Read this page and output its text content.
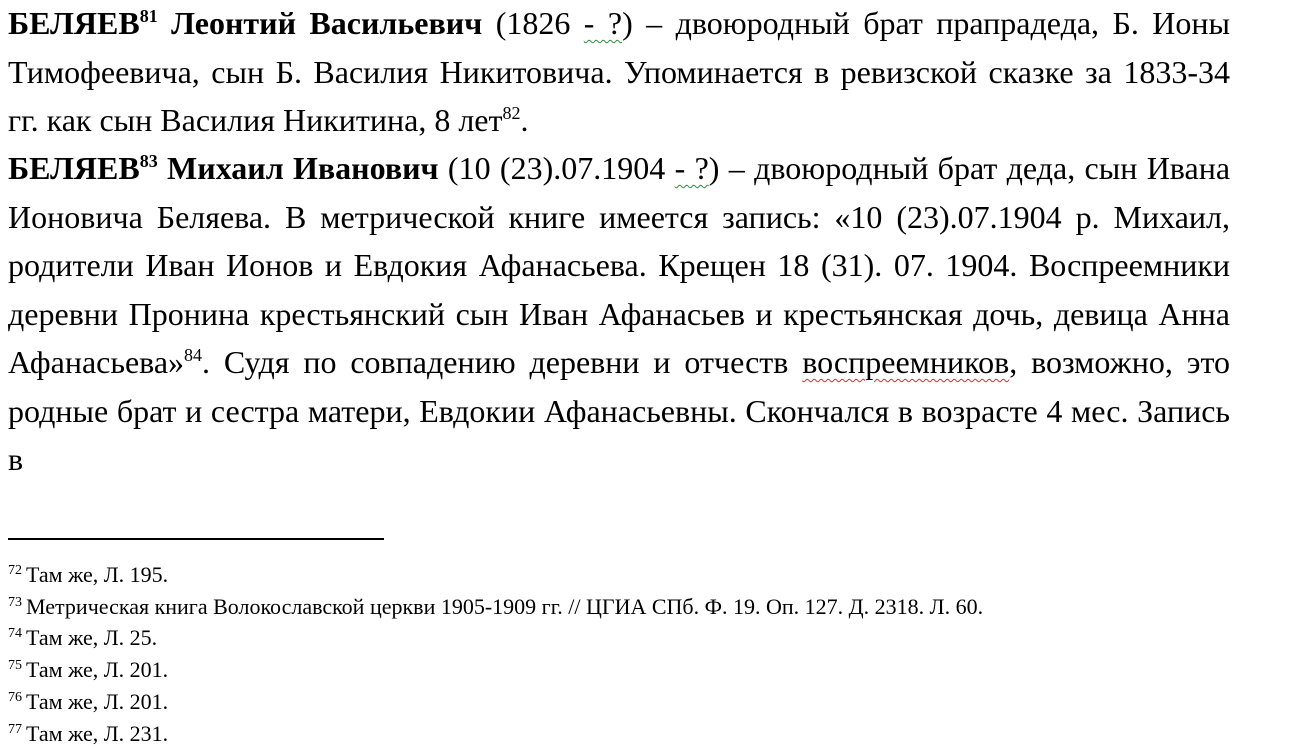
БЕЛЯЕВ$^{81}$ Леонтий Васильевич (1826 - ?) – двоюродный брат прапрадеда, Б. Ионы Тимофеевича, сын Б. Василия Никитовича. Упоминается в ревизской сказке за 1833-34 гг. как сын Василия Никитина, 8 лет$^{82}$.

БЕЛЯЕВ$^{83}$ Михаил Иванович (10 (23).07.1904 - ?) – двоюродный брат деда, сын Ивана Ионовича Беляева. В метрической книге имеется запись: «10 (23).07.1904 р. Михаил, родители Иван Ионов и Евдокия Афанасьева. Крещен 18 (31). 07. 1904. Воспреемники деревни Пронина крестьянский сын Иван Афанасьев и крестьянская дочь, девица Анна Афанасьева»$^{84}$. Судя по совпадению деревни и отчеств воспреемников, возможно, это родные брат и сестра матери, Евдокии Афанасьевны. Скончался в возрасте 4 мес. Запись в

$^{72}$ Там же, Л. 195.

$^{73}$ Метрическая книга Волокославской церкви 1905-1909 гг. // ЦГИА СПб. Ф. 19. Оп. 127. Д. 2318. Л. 60.

$^{74}$ Там же, Л. 25.

$^{75}$ Там же, Л. 201.

$^{76}$ Там же, Л. 201.

$^{77}$ Там же, Л. 231.
